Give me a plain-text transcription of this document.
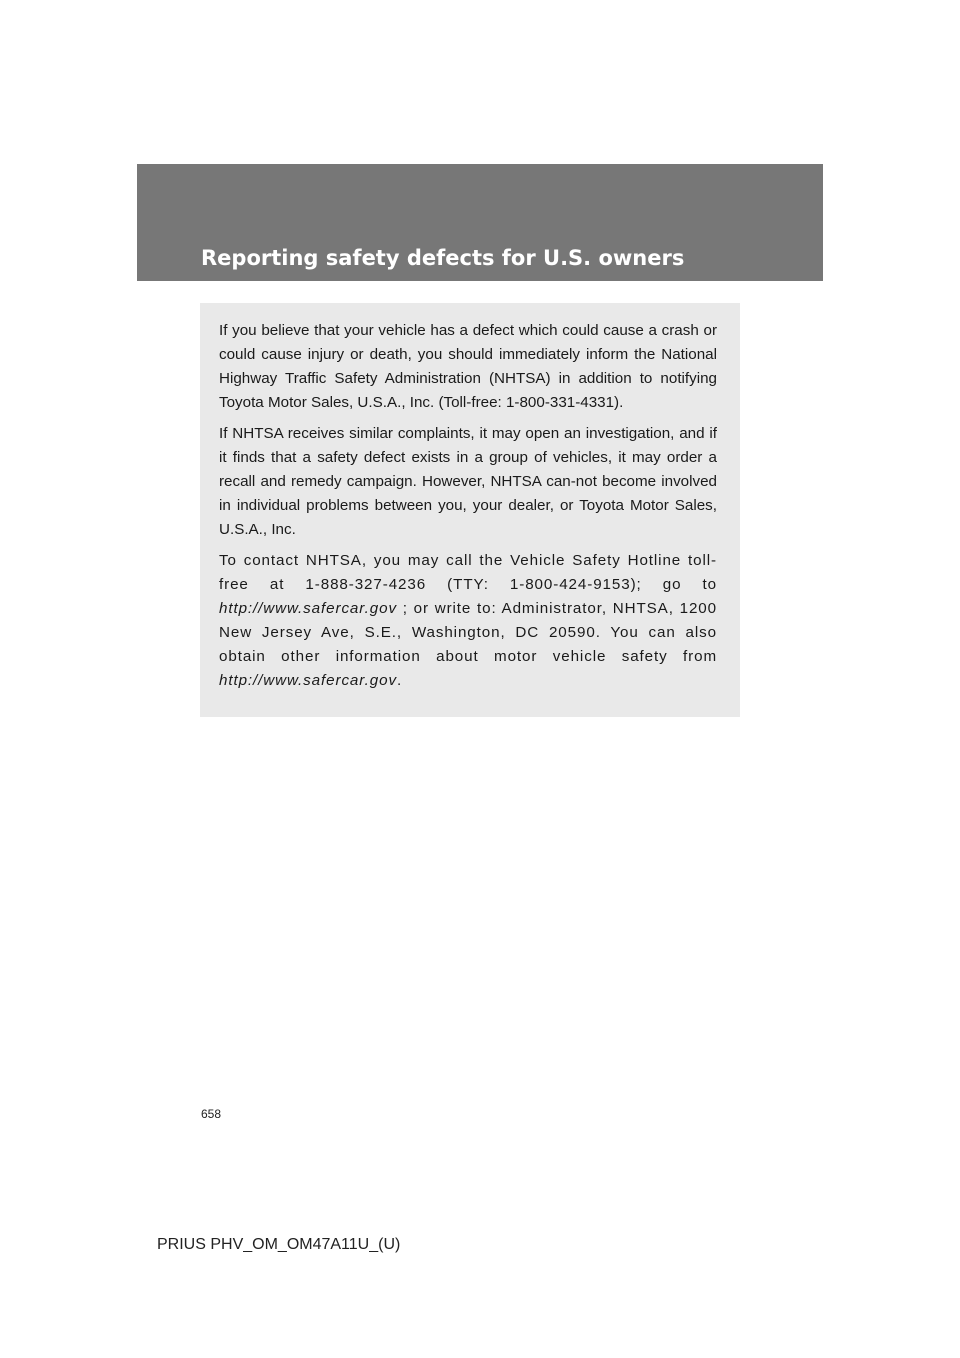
Reporting safety defects for U.S. owners

If you believe that your vehicle has a defect which could cause a crash or could cause injury or death, you should immediately inform the National Highway Traffic Safety Administration (NHTSA) in addition to notifying Toyota Motor Sales, U.S.A., Inc. (Toll-free: 1-800-331-4331).

If NHTSA receives similar complaints, it may open an investigation, and if it finds that a safety defect exists in a group of vehicles, it may order a recall and remedy campaign. However, NHTSA can-not become involved in individual problems between you, your dealer, or Toyota Motor Sales, U.S.A., Inc.

To contact NHTSA, you may call the Vehicle Safety Hotline toll-free at 1-888-327-4236 (TTY: 1-800-424-9153); go to http://www.safercar.gov ; or write to: Administrator, NHTSA, 1200 New Jersey Ave, S.E., Washington, DC 20590. You can also obtain other information about motor vehicle safety from http://www.safercar.gov.

658
PRIUS PHV_OM_OM47A11U_(U)
